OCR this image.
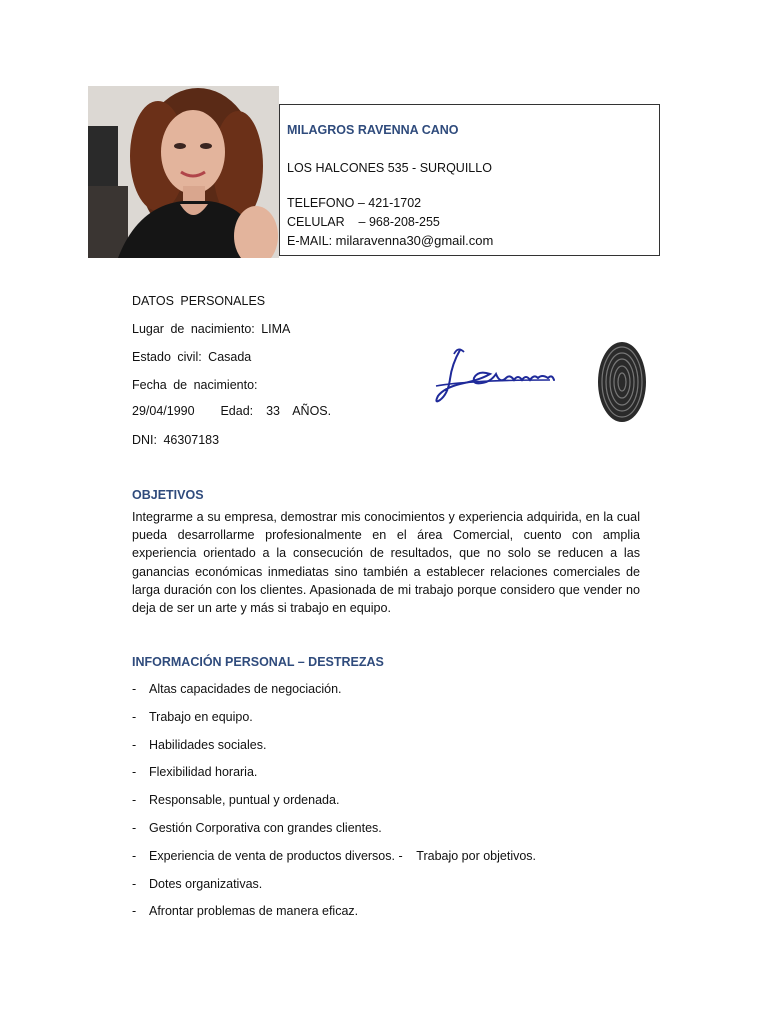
MILAGROS RAVENNA CANO
LOS HALCONES 535 - SURQUILLO
TELEFONO – 421-1702
CELULAR    – 968-208-255
E-MAIL: milaravenna30@gmail.com
DATOS PERSONALES
Lugar de nacimiento: LIMA
Estado civil: Casada
Fecha de nacimiento:
29/04/1990    Edad:  33  AÑOS.
DNI: 46307183
OBJETIVOS
Integrarme a su empresa, demostrar mis conocimientos y experiencia adquirida, en la cual pueda desarrollarme profesionalmente en el área Comercial, cuento con amplia experiencia orientado a la consecución de resultados, que no solo se reducen a las ganancias económicas inmediatas sino también a establecer relaciones comerciales de larga duración con los clientes. Apasionada de mi trabajo porque considero que vender no deja de ser un arte y más si trabajo en equipo.
INFORMACIÓN PERSONAL – DESTREZAS
- Altas capacidades de negociación.
- Trabajo en equipo.
- Habilidades sociales.
- Flexibilidad horaria.
- Responsable, puntual y ordenada.
- Gestión Corporativa con grandes clientes.
- Experiencia de venta de productos diversos. -    Trabajo por objetivos.
- Dotes organizativas.
- Afrontar problemas de manera eficaz.
